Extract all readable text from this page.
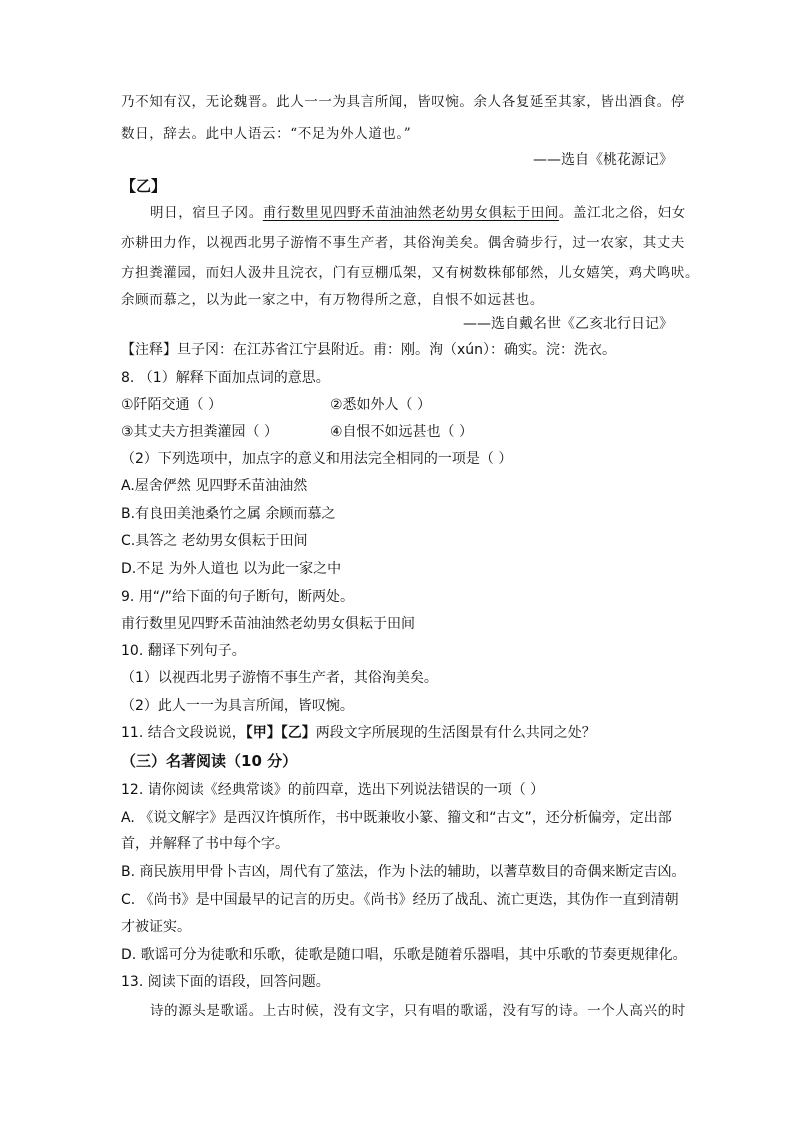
乃不知有汉，无论魏晋。此人一一为具言所闻，皆叹惋。余人各复延至其家，皆出酒食。停
数日，辞去。此中人语云：“不足为外人道也。”
——选自《桃花源记》
【乙】
明日，宿旦子冈。甫行数里见四野禾苗油油然老幼男女俱耘于田间。盖江北之俗，妇女
亦耕田力作，以视西北男子游惰不事生产者，其俗洵美矣。偶舍骑步行，过一农家，其丈夫
方担粪灌园，而妇人汲井且浣衣，门有豆棚瓜架，又有树数株郁郁然，儿女嬉笑，鸡犬鸣吠。
余顾而慕之，以为此一家之中，有万物得所之意，自恨不如远甚也。
——选自戴名世《乙亥北行日记》
【注释】旦子冈：在江苏省江宁县附近。甫：刚。洵（xún）：确实。浣：洗衣。
8. （1）解释下面加点词的意思。
①阡陌交通（ ）	②悉如外人（ ）
③其丈夫方担粪灌园（ ）	④自恨不如远甚也（ ）
（2）下列选项中，加点字的意义和用法完全相同的一项是（ ）
A.屋舍俨然 见四野禾苗油油然
B.有良田美池桑竹之属 余顾而慕之
C.具答之 老幼男女俱耘于田间
D.不足 为外人道也 以为此一家之中
9. 用“/”给下面的句子断句，断两处。
甫行数里见四野禾苗油油然老幼男女俱耘于田间
10. 翻译下列句子。
（1）以视西北男子游惰不事生产者，其俗洵美矣。
（2）此人一一为具言所闻，皆叹惋。
11. 结合文段说说，【甲】【乙】两段文字所展现的生活图景有什么共同之处？
（三）名著阅读（10 分）
12. 请你阅读《经典常谈》的前四章，选出下列说法错误的一项（ ）
A. 《说文解字》是西汉许慎所作，书中既兼收小篆、籀文和“古文”，还分析偏旁，定出部
首，并解释了书中每个字。
B. 商民族用甲骨卜吉凶，周代有了筮法，作为卜法的辅助，以蓍草数目的奇偶来断定吉凶。
C. 《尚书》是中国最早的记言的历史。《尚书》经历了战乱、流亡更迭，其伪作一直到清朝
才被证实。
D. 歌谣可分为徒歌和乐歌，徒歌是随口唱，乐歌是随着乐器唱，其中乐歌的节奏更规律化。
13. 阅读下面的语段，回答问题。
诗的源头是歌谣。上古时候，没有文字，只有唱的歌谣，没有写的诗。一个人高兴的时
